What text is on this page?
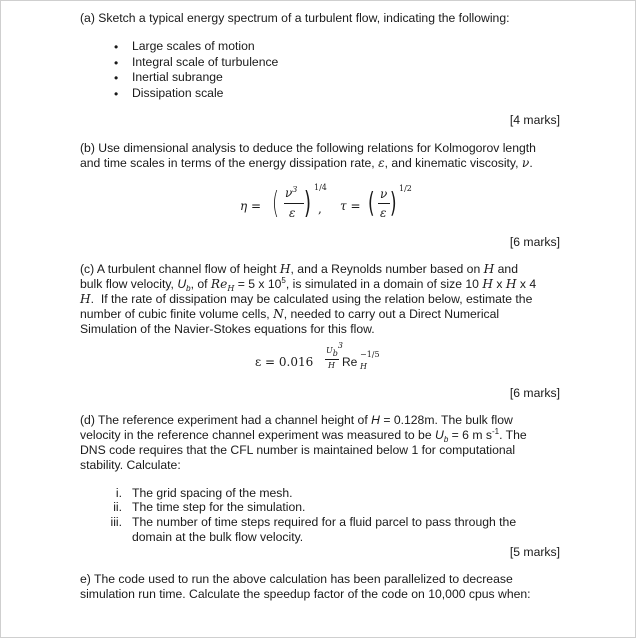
(a) Sketch a typical energy spectrum of a turbulent flow, indicating the following:
• Large scales of motion
• Integral scale of turbulence
• Inertial subrange
• Dissipation scale
[4 marks]
(b) Use dimensional analysis to deduce the following relations for Kolmogorov length
and time scales in terms of the energy dissipation rate, ε, and kinematic viscosity, ν.
η = ( $\nu^3$
ε ) 1/4
, τ = ( ν
ε ) 1/2
[6 marks]
(c) A turbulent channel flow of height H, and a Reynolds number based on H and
bulk flow velocity, $U_b$, of $Re_H = 5$ x $10^5$, is simulated in a domain of size 10 H x H x 4
H.  If the rate of dissipation may be calculated using the relation below, estimate the
number of cubic finite volume cells, N, needed to carry out a Direct Numerical
Simulation of the Navier-Stokes equations for this flow.
ε = 0.016
$U_b^3$
H Re H
−1/5
[6 marks]
(d) The reference experiment had a channel height of H = 0.128m. The bulk flow
velocity in the reference channel experiment was measured to be $U_b = 6$ m $s^{-1}$. The
DNS code requires that the CFL number is maintained below 1 for computational
stability. Calculate:
i. The grid spacing of the mesh.
ii. The time step for the simulation.
iii. The number of time steps required for a fluid parcel to pass through the
domain at the bulk flow velocity.
[5 marks]
e) The code used to run the above calculation has been parallelized to decrease
simulation run time. Calculate the speedup factor of the code on 10,000 cpus when:
